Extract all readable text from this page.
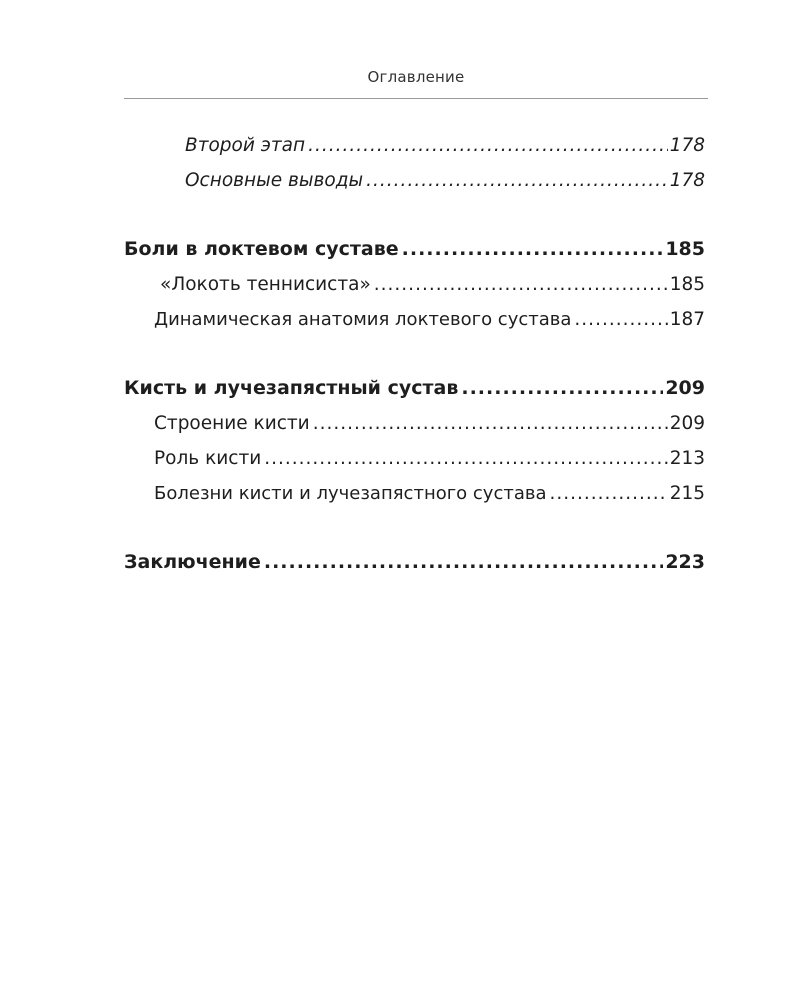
Оглавление
Второй этап .....	178
Основные выводы .....	178
Боли в локтевом суставе .....	185
«Локоть теннисиста» .....	185
Динамическая анатомия локтевого сустава .....	187
Кисть и лучезапястный сустав .....	209
Строение кисти .....	209
Роль кисти .....	213
Болезни кисти и лучезапястного сустава .....	215
Заключение .....	223
